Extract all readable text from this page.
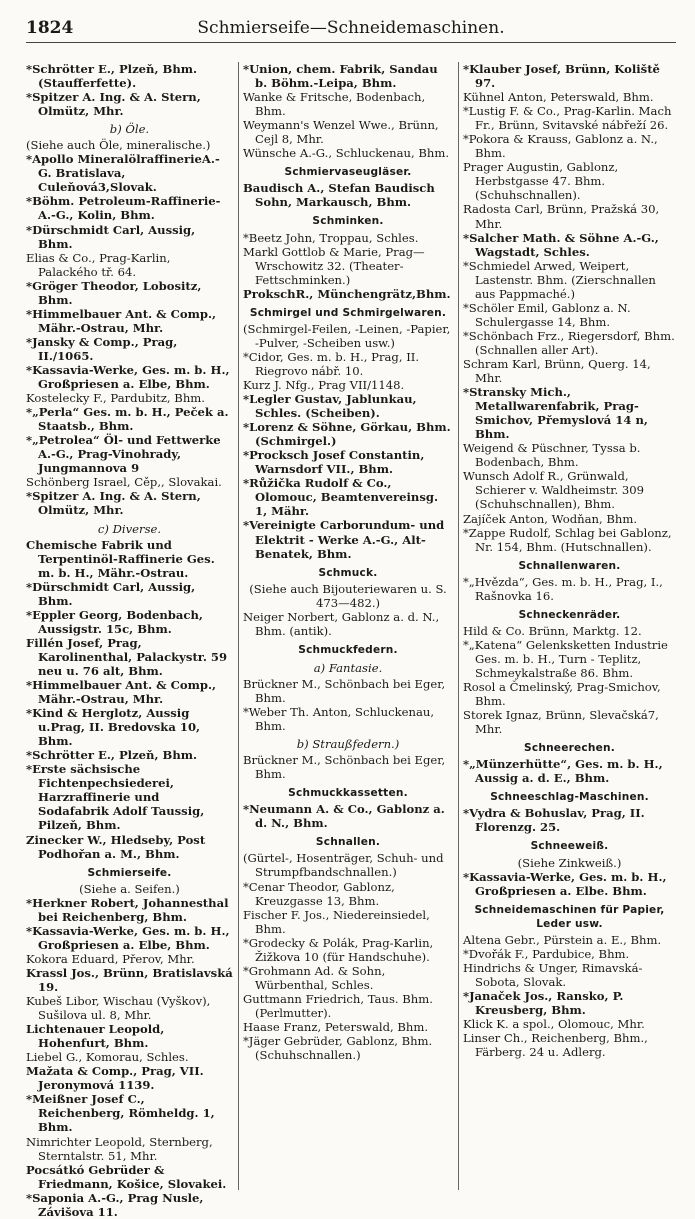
1824	Schmierseife—Schneidemaschinen.

*Schrötter E., Plzeň, Bhm. (Staufferfette).

*Spitzer A. Ing. & A. Stern, Olmütz, Mhr.

b) Öle.

(Siehe auch Öle, mineralische.)

*Apollo MineralölraffinerieA.-G. Bratislava, Culeňová3,Slovak.

*Böhm. Petroleum-Raffinerie-A.-G., Kolin, Bhm.

*Dürschmidt Carl, Aussig, Bhm.

Elias & Co., Prag-Karlin, Palackého tř. 64.

*Gröger Theodor, Lobositz, Bhm.

*Himmelbauer Ant. & Comp., Mähr.-Ostrau, Mhr.

*Jansky & Comp., Prag, II./1065.

*Kassavia-Werke, Ges. m. b. H., Großpriesen a. Elbe, Bhm.

Kostelecky F., Pardubitz, Bhm.

*„Perla“ Ges. m. b. H., Peček a. Staatsb., Bhm.

*„Petrolea“ Öl- und Fettwerke A.-G., Prag-Vinohrady, Jungmannova 9

Schönberg Israel, Cěp,, Slovakai.

*Spitzer A. Ing. & A. Stern, Olmütz, Mhr.

c) Diverse.

Chemische Fabrik und Terpentinöl-Raffinerie Ges. m. b. H., Mähr.-Ostrau.

*Dürschmidt Carl, Aussig, Bhm.

*Eppler Georg, Bodenbach, Aussigstr. 15c, Bhm.

Fillén Josef, Prag, Karolinenthal, Palackystr. 59 neu u. 76 alt, Bhm.

*Himmelbauer Ant. & Comp., Mähr.-Ostrau, Mhr.

*Kind & Herglotz, Aussig u.Prag, II. Bredovska 10, Bhm.

*Schrötter E., Plzeň, Bhm.

*Erste sächsische Fichtenpechsiederei, Harzraffinerie und Sodafabrik Adolf Taussig, Pilzeň, Bhm.

Zinecker W., Hledseby, Post Podhořan a. M., Bhm.

Schmierseife.

(Siehe a. Seifen.)

*Herkner Robert, Johannesthal bei Reichenberg, Bhm.

*Kassavia-Werke, Ges. m. b. H., Großpriesen a. Elbe, Bhm.

Kokora Eduard, Přerov, Mhr.

Krassl Jos., Brünn, Bratislavská 19.

Kubeš Libor, Wischau (Vyškov), Sušilova ul. 8, Mhr.

Lichtenauer Leopold, Hohenfurt, Bhm.

Liebel G., Komorau, Schles.

Mažata & Comp., Prag, VII. Jeronymová 1139.

*Meißner Josef C., Reichenberg, Römheldg. 1, Bhm.

Nimrichter Leopold, Sternberg, Sterntalstr. 51, Mhr.

Pocsátkó Gebrüder & Friedmann, Košice, Slovakei.

*Saponia A.-G., Prag Nusle, Závišova 11.

*Union, chem. Fabrik, Sandau b. Böhm.-Leipa, Bhm.

Wanke & Fritsche, Bodenbach, Bhm.

Weymann's Wenzel Wwe., Brünn, Cejl 8, Mhr.

Wünsche A.-G., Schluckenau, Bhm.

Schmiervaseugläser.

Baudisch A., Stefan Baudisch Sohn, Markausch, Bhm.

Schminken.

*Beetz John, Troppau, Schles.

Markl Gottlob & Marie, Prag—Wrschowitz 32. (Theater-Fettschminken.)

ProkschR., Münchengrätz,Bhm.

Schmirgel und Schmirgelwaren.

(Schmirgel-Feilen, -Leinen, -Papier, -Pulver, -Scheiben usw.)

*Cidor, Ges. m. b. H., Prag, II. Riegrovo nábř. 10.

Kurz J. Nfg., Prag VII/1148.

*Legler Gustav, Jablunkau, Schles. (Scheiben).

*Lorenz & Söhne, Görkau, Bhm. (Schmirgel.)

*Procksch Josef Constantin, Warnsdorf VII., Bhm.

*Růžička Rudolf & Co., Olomouc, Beamtenvereinsg. 1, Mähr.

*Vereinigte Carborundum- und Elektrit - Werke A.-G., Alt-Benatek, Bhm.

Schmuck.

(Siehe auch Bijouteriewaren u. S. 473—482.)

Neiger Norbert, Gablonz a. d. N., Bhm. (antik).

Schmuckfedern.

a) Fantasie.

Brückner M., Schönbach bei Eger, Bhm.

*Weber Th. Anton, Schluckenau, Bhm.

b) Straußfedern.)

Brückner M., Schönbach bei Eger, Bhm.

Schmuckkassetten.

*Neumann A. & Co., Gablonz a. d. N., Bhm.

Schnallen.

(Gürtel-, Hosenträger, Schuh- und Strumpfbandschnallen.)

*Cenar Theodor, Gablonz, Kreuzgasse 13, Bhm.

Fischer F. Jos., Niedereinsiedel, Bhm.

*Grodecky & Polák, Prag-Karlin, Žižkova 10 (für Handschuhe).

*Grohmann Ad. & Sohn, Würbenthal, Schles.

Guttmann Friedrich, Taus. Bhm. (Perlmutter).

Haase Franz, Peterswald, Bhm.

*Jäger Gebrüder, Gablonz, Bhm. (Schuhschnallen.)

*Klauber Josef, Brünn, Koliště 97.

Kühnel Anton, Peterswald, Bhm.

*Lustig F. & Co., Prag-Karlin. Mach Fr., Brünn, Svitavské nábřeží 26.

*Pokora & Krauss, Gablonz a. N., Bhm.

Prager Augustin, Gablonz, Herbstgasse 47. Bhm. (Schuhschnallen).

Radosta Carl, Brünn, Pražská 30, Mhr.

*Salcher Math. & Söhne A.-G., Wagstadt, Schles.

*Schmiedel Arwed, Weipert, Lastenstr. Bhm. (Zierschnallen aus Pappmaché.)

*Schöler Emil, Gablonz a. N. Schulergasse 14, Bhm.

*Schönbach Frz., Riegersdorf, Bhm. (Schnallen aller Art).

Schram Karl, Brünn, Querg. 14, Mhr.

*Stransky Mich., Metallwarenfabrik, Prag-Smichov, Přemyslová 14 n, Bhm.

Weigend & Püschner, Tyssa b. Bodenbach, Bhm.

Wunsch Adolf R., Grünwald, Schierer v. Waldheimstr. 309 (Schuhschnallen), Bhm.

Zajíček Anton, Wodňan, Bhm.

*Zappe Rudolf, Schlag bei Gablonz, Nr. 154, Bhm. (Hutschnallen).

Schnallenwaren.

*„Hvězda“, Ges. m. b. H., Prag, I., Rašnovka 16.

Schneckenräder.

Hild & Co. Brünn, Marktg. 12.

*„Katena“ Gelenksketten Industrie Ges. m. b. H., Turn - Teplitz, Schmeykalstraße 86. Bhm.

Rosol a Čmelinský, Prag-Smichov, Bhm.

Storek Ignaz, Brünn, Slevačská7, Mhr.

Schneerechen.

*„Münzerhütte“, Ges. m. b. H., Aussig a. d. E., Bhm.

Schneeschlag-Maschinen.

*Vydra & Bohuslav, Prag, II. Florenzg. 25.

Schneeweiß.

(Siehe Zinkweiß.)

*Kassavia-Werke, Ges. m. b. H., Großpriesen a. Elbe. Bhm.

Schneidemaschinen für Papier, Leder usw.

Altena Gebr., Pürstein a. E., Bhm.

*Dvořák F., Pardubice, Bhm.

Hindrichs & Unger, Rimavská-Sobota, Slovak.

*Janaček Jos., Ransko, P. Kreusberg, Bhm.

Klick K. a spol., Olomouc, Mhr.

Linser Ch., Reichenberg, Bhm., Färberg. 24 u. Adlerg.
